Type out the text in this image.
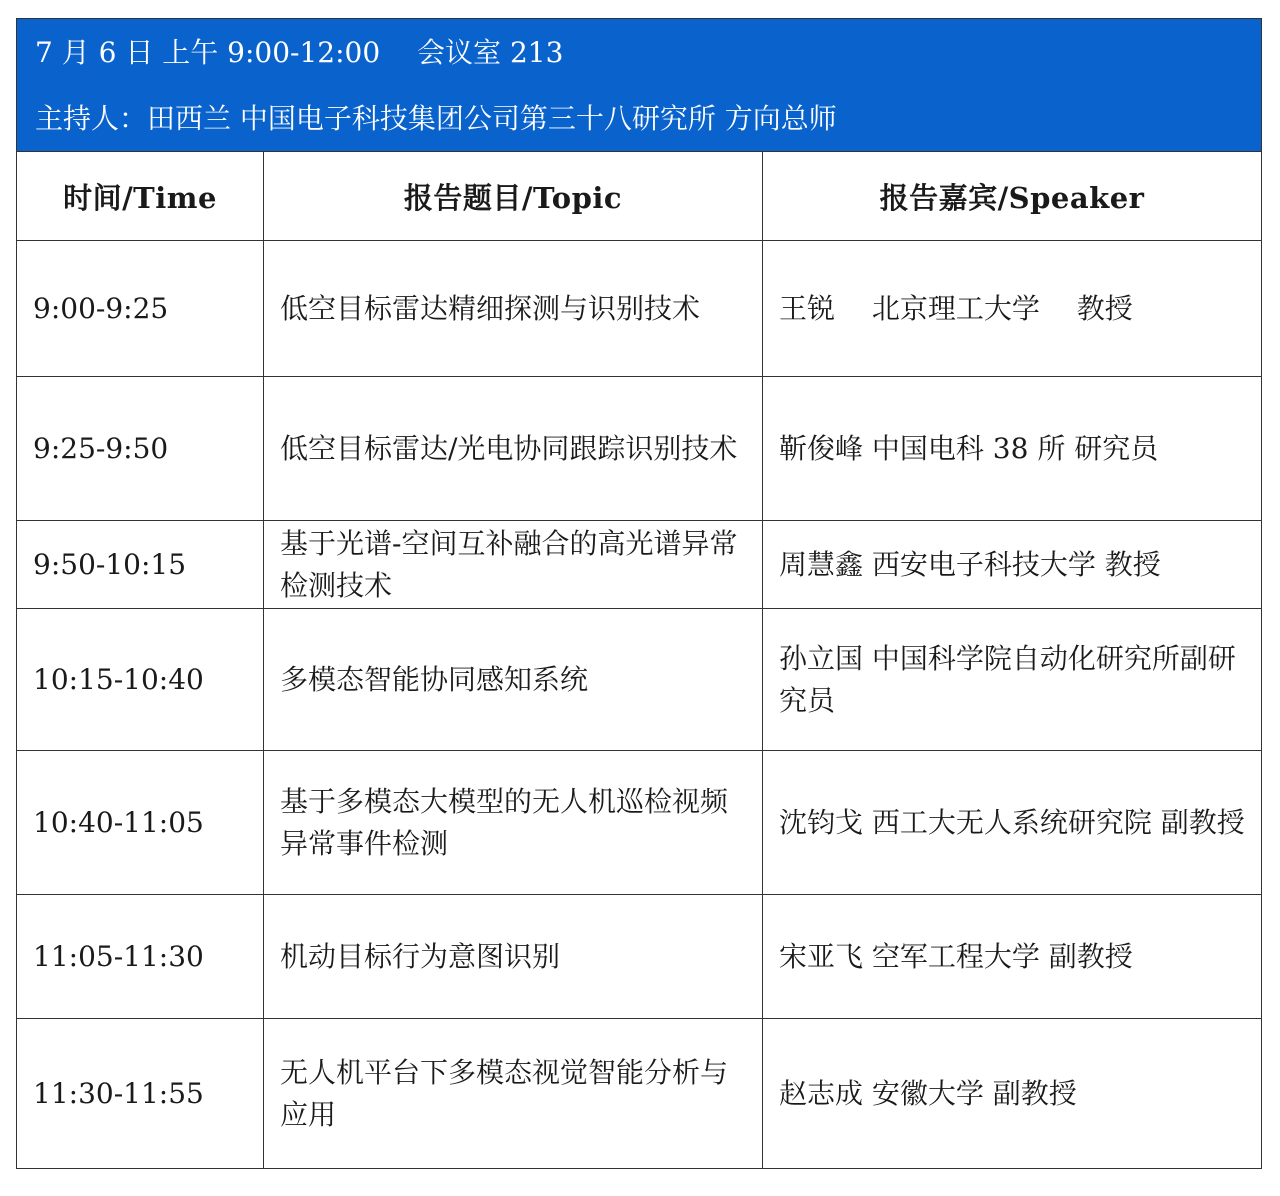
7 月 6 日 上午 9:00-12:00　 会议室 213
主持人：田西兰 中国电子科技集团公司第三十八研究所 方向总师		

时间/Time	报告题目/Topic	报告嘉宾/Speaker
9:00-9:25	低空目标雷达精细探测与识别技术	王锐　 北京理工大学　 教授
9:25-9:50	低空目标雷达/光电协同跟踪识别技术	靳俊峰 中国电科 38 所 研究员
9:50-10:15	基于光谱-空间互补融合的高光谱异常检测技术	周慧鑫 西安电子科技大学 教授
10:15-10:40	多模态智能协同感知系统	孙立国 中国科学院自动化研究所副研究员
10:40-11:05	基于多模态大模型的无人机巡检视频异常事件检测	沈钧戈 西工大无人系统研究院 副教授
11:05-11:30	机动目标行为意图识别	宋亚飞 空军工程大学 副教授
11:30-11:55	无人机平台下多模态视觉智能分析与应用	赵志成 安徽大学 副教授
